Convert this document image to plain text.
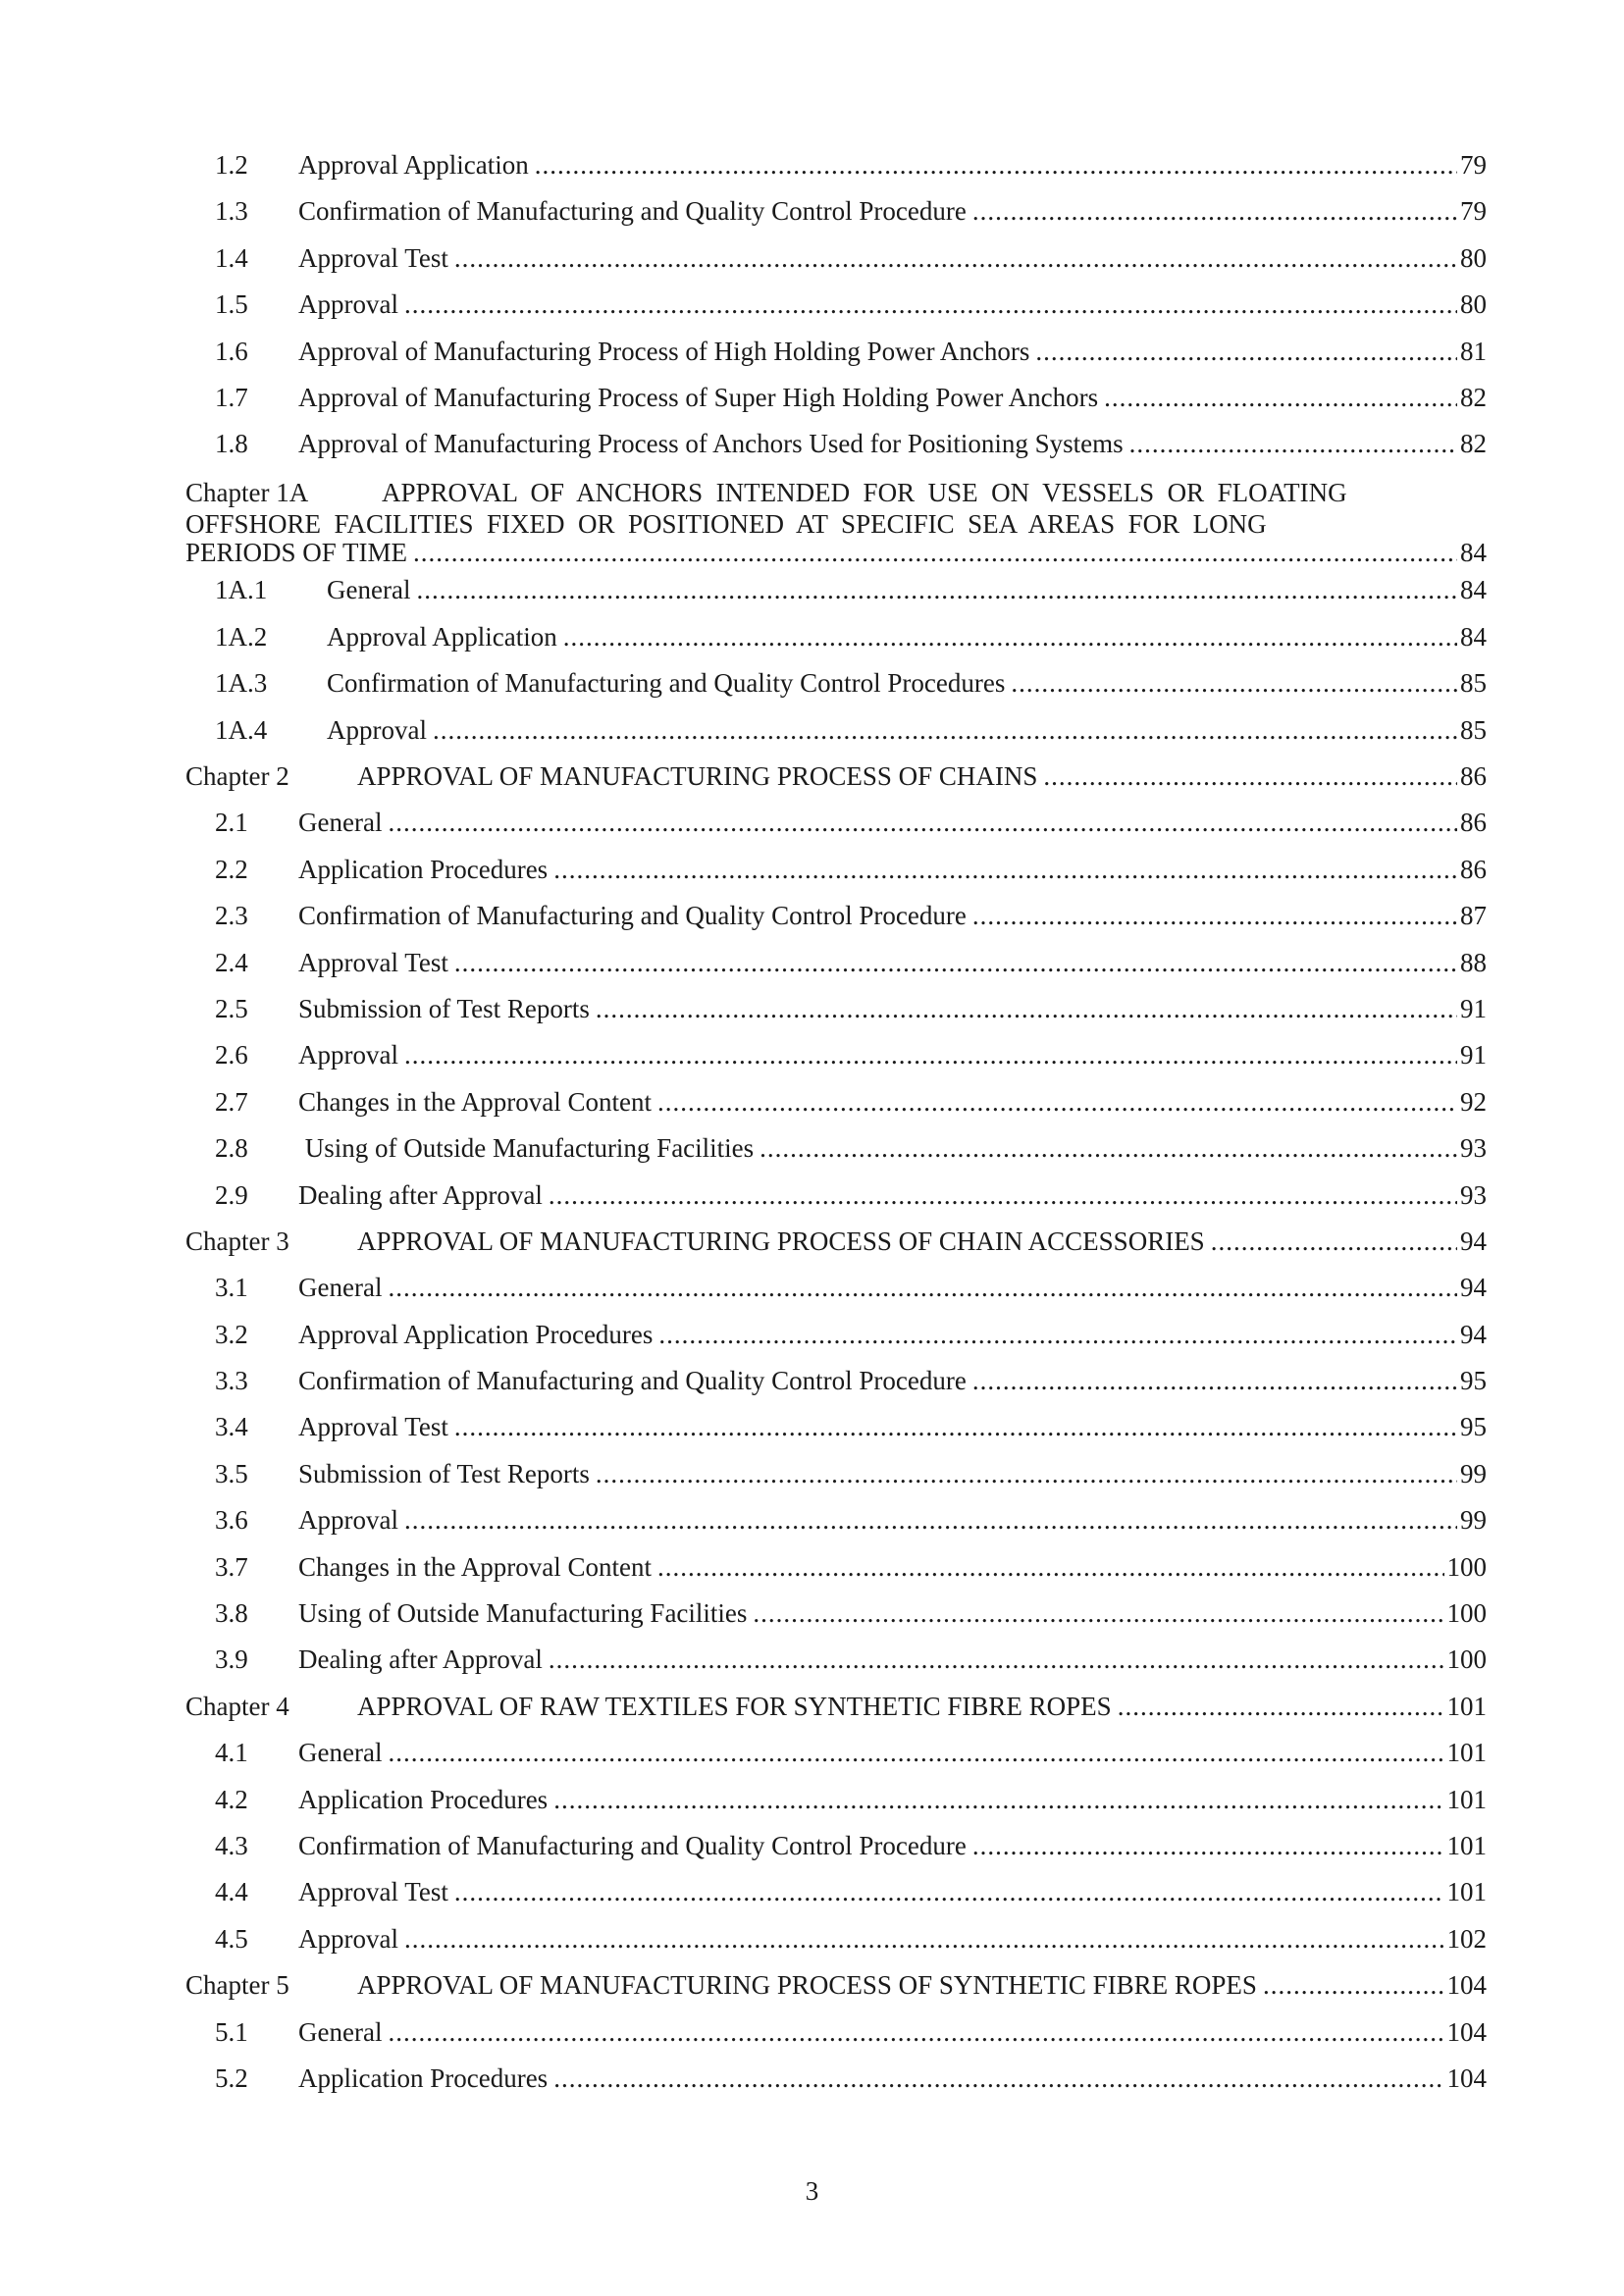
1.2	Approval Application .....	79
1.3	Confirmation of Manufacturing and Quality Control Procedure .....	79
1.4	Approval Test .....	80
1.5	Approval .....	80
1.6	Approval of Manufacturing Process of High Holding Power Anchors .....	81
1.7	Approval of Manufacturing Process of Super High Holding Power Anchors .....	82
1.8	Approval of Manufacturing Process of Anchors Used for Positioning Systems .....	82
Chapter 1A	APPROVAL  OF  ANCHORS  INTENDED  FOR  USE  ON  VESSELS  OR  FLOATING
OFFSHORE  FACILITIES  FIXED  OR  POSITIONED  AT  SPECIFIC  SEA  AREAS  FOR  LONG
PERIODS OF TIME .....	84
1A.1	General .....	84
1A.2	Approval Application .....	84
1A.3	Confirmation of Manufacturing and Quality Control Procedures .....	85
1A.4	Approval .....	85
Chapter 2	APPROVAL OF MANUFACTURING PROCESS OF CHAINS .....	86
2.1	General .....	86
2.2	Application Procedures .....	86
2.3	Confirmation of Manufacturing and Quality Control Procedure .....	87
2.4	Approval Test .....	88
2.5	Submission of Test Reports .....	91
2.6	Approval .....	91
2.7	Changes in the Approval Content .....	92
2.8	Using of Outside Manufacturing Facilities .....	93
2.9	Dealing after Approval .....	93
Chapter 3	APPROVAL OF MANUFACTURING PROCESS OF CHAIN ACCESSORIES .....	94
3.1	General .....	94
3.2	Approval Application Procedures .....	94
3.3	Confirmation of Manufacturing and Quality Control Procedure .....	95
3.4	Approval Test .....	95
3.5	Submission of Test Reports .....	99
3.6	Approval .....	99
3.7	Changes in the Approval Content .....	100
3.8	Using of Outside Manufacturing Facilities .....	100
3.9	Dealing after Approval .....	100
Chapter 4	APPROVAL OF RAW TEXTILES FOR SYNTHETIC FIBRE ROPES .....	101
4.1	General .....	101
4.2	Application Procedures .....	101
4.3	Confirmation of Manufacturing and Quality Control Procedure .....	101
4.4	Approval Test .....	101
4.5	Approval .....	102
Chapter 5	APPROVAL OF MANUFACTURING PROCESS OF SYNTHETIC FIBRE ROPES .....	104
5.1	General .....	104
5.2	Application Procedures .....	104
3
